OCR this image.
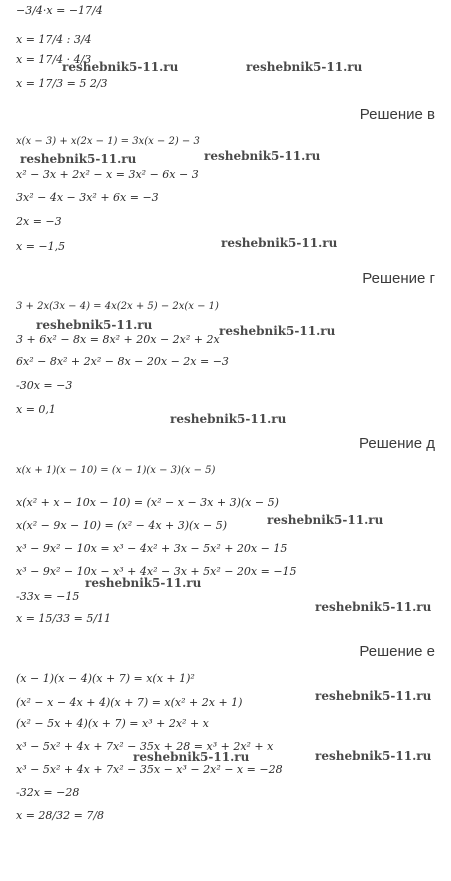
−3/4·x = −17/4
x = 17/4 : 3/4
x = 17/4 · 4/3
x = 17/3 = 5 2/3
Решение в
x(x − 3) + x(2x − 1) = 3x(x − 2) − 3
x² − 3x + 2x² − x = 3x² − 6x − 3
3x² − 4x − 3x² + 6x = −3
2x = −3
x = −1,5
Решение г
3 + 2x(3x − 4) = 4x(2x + 5) − 2x(x − 1)
3 + 6x² − 8x = 8x² + 20x − 2x² + 2x
6x² − 8x² + 2x² − 8x − 20x − 2x = −3
-30x = −3
x = 0,1
Решение д
x(x + 1)(x − 10) = (x − 1)(x − 3)(x − 5)
x(x² + x − 10x − 10) = (x² − x − 3x + 3)(x − 5)
x(x² − 9x − 10) = (x² − 4x + 3)(x − 5)
x³ − 9x² − 10x = x³ − 4x² + 3x − 5x² + 20x − 15
x³ − 9x² − 10x − x³ + 4x² − 3x + 5x² − 20x = −15
-33x = −15
x = 15/33 = 5/11
Решение е
(x − 1)(x − 4)(x + 7) = x(x + 1)²
(x² − x − 4x + 4)(x + 7) = x(x² + 2x + 1)
(x² − 5x + 4)(x + 7) = x³ + 2x² + x
x³ − 5x² + 4x + 7x² − 35x + 28 = x³ + 2x² + x
x³ − 5x² + 4x + 7x² − 35x − x³ − 2x² − x = −28
-32x = −28
x = 28/32 = 7/8
reshebnik5-11.ru	reshebnik5-11.ru
reshebnik5-11.ru	reshebnik5-11.ru
reshebnik5-11.ru
reshebnik5-11.ru	reshebnik5-11.ru
reshebnik5-11.ru
reshebnik5-11.ru
reshebnik5-11.ru
reshebnik5-11.ru
reshebnik5-11.ru
reshebnik5-11.ru	reshebnik5-11.ru
